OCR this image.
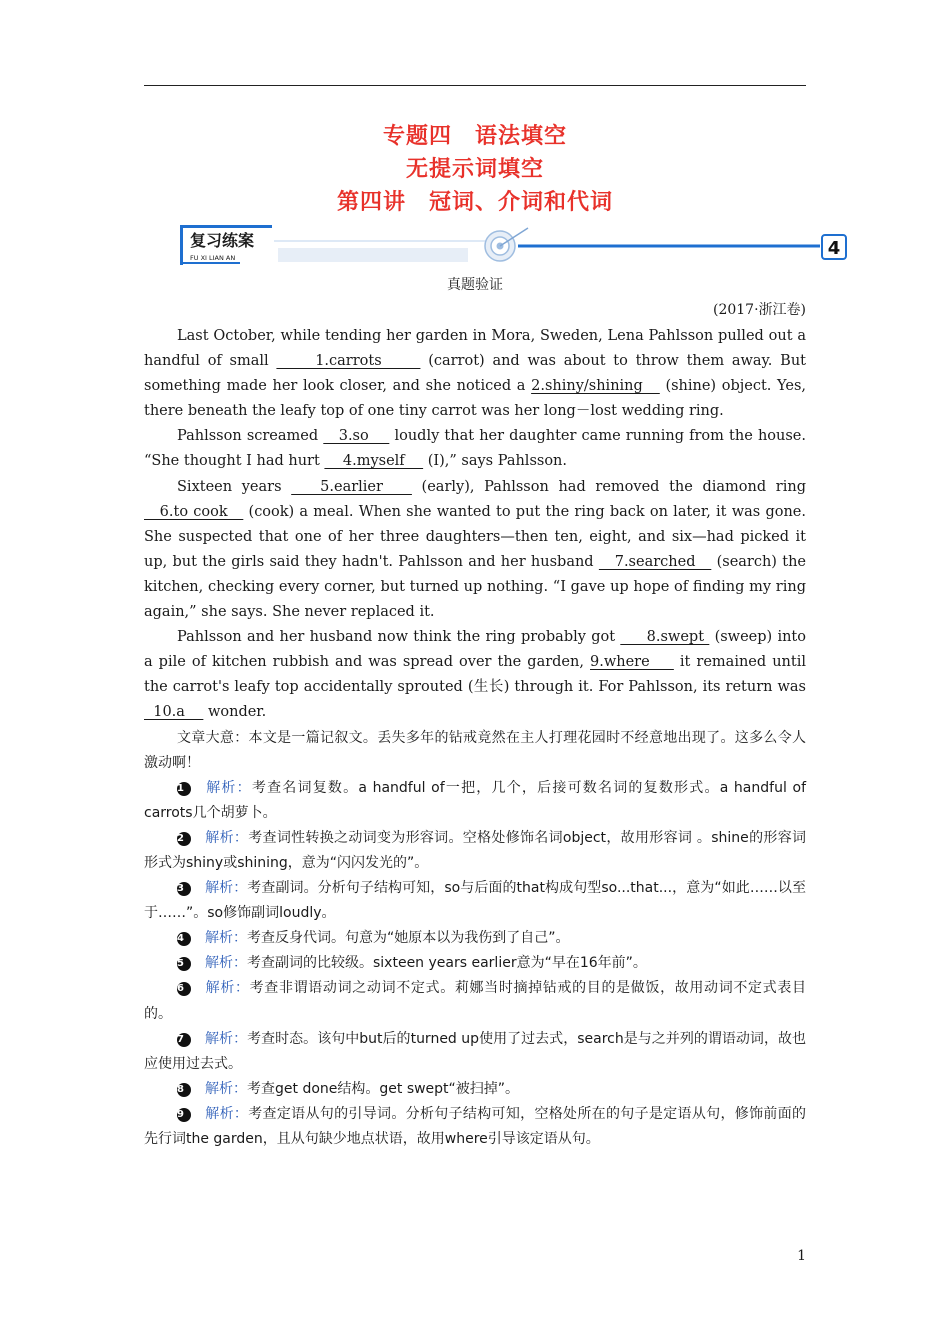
专题四　语法填空
无提示词填空
第四讲　冠词、介词和代词
复习练案
FU XI LIAN AN	4
真题验证
(2017·浙江卷)

Last October, while tending her garden in Mora, Sweden, Lena Pahlsson pulled out a handful of small      1.carrots      (carrot) and was about to throw them away. But something made her look closer, and she noticed a 2.shiny/shining    (shine) object. Yes, there beneath the leafy top of one tiny carrot was her long－lost wedding ring.

Pahlsson screamed    3.so     loudly that her daughter came running from the house. “She thought I had hurt     4.myself     (I),” says Pahlsson.

Sixteen years    5.earlier    (early), Pahlsson had removed the diamond ring    6.to cook    (cook) a meal. When she wanted to put the ring back on later, it was gone. She suspected that one of her three daughters—then ten, eight, and six—had picked it up, but the girls said they hadn't. Pahlsson and her husband    7.searched    (search) the kitchen, checking every corner, but turned up nothing. “I gave up hope of finding my ring again,” she says. She never replaced it.

Pahlsson and her husband now think the ring probably got      8.swept  (sweep) into a pile of kitchen rubbish and was spread over the garden, 9.where     it remained until the carrot's leafy top accidentally sprouted (生长) through it. For Pahlsson, its return was   10.a     wonder.

文章大意：本文是一篇记叙文。丢失多年的钻戒竟然在主人打理花园时不经意地出现了。这多么令人激动啊！

1 解析：考查名词复数。a handful of一把，几个，后接可数名词的复数形式。a handful of carrots几个胡萝卜。

2 解析：考查词性转换之动词变为形容词。空格处修饰名词object，故用形容词 。shine的形容词形式为shiny或shining，意为“闪闪发光的”。

3 解析：考查副词。分析句子结构可知，so与后面的that构成句型so...that...，意为“如此……以至于……”。so修饰副词loudly。

4 解析：考查反身代词。句意为“她原本以为我伤到了自己”。

5 解析：考查副词的比较级。sixteen years earlier意为“早在16年前”。

6 解析：考查非谓语动词之动词不定式。莉娜当时摘掉钻戒的目的是做饭，故用动词不定式表目的。

7 解析：考查时态。该句中but后的turned up使用了过去式，search是与之并列的谓语动词，故也应使用过去式。

8 解析：考查get done结构。get swept“被扫掉”。

9 解析：考查定语从句的引导词。分析句子结构可知，空格处所在的句子是定语从句，修饰前面的先行词the garden，且从句缺少地点状语，故用where引导该定语从句。

1
